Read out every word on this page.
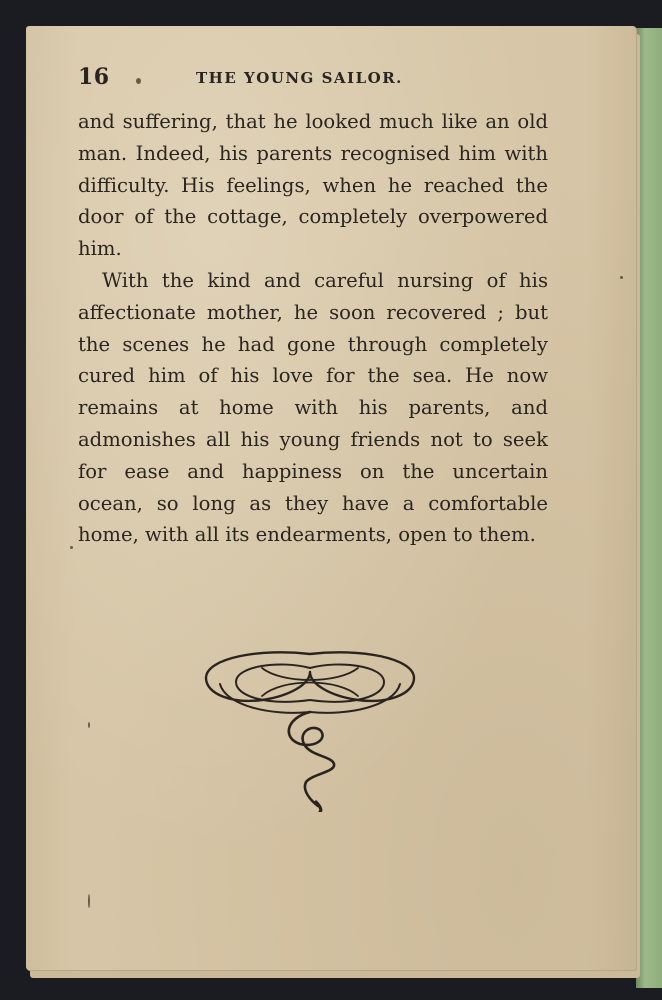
16	THE YOUNG SAILOR.

and suffering, that he looked much like an old man. Indeed, his parents recognised him with difficulty. His feelings, when he reached the door of the cottage, completely overpowered him.

With the kind and careful nursing of his affectionate mother, he soon recovered ; but the scenes he had gone through completely cured him of his love for the sea. He now remains at home with his parents, and admonishes all his young friends not to seek for ease and happiness on the uncertain ocean, so long as they have a comfortable home, with all its endearments, open to them.
